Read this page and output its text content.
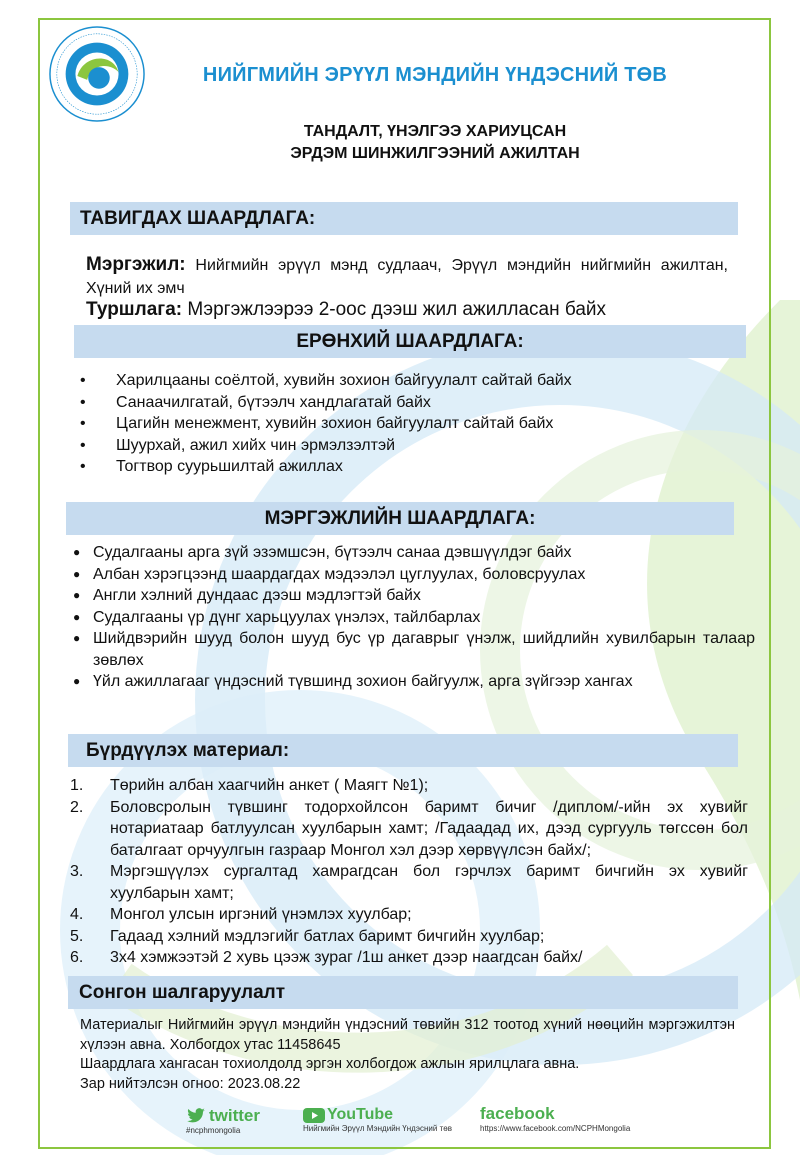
НИЙГМИЙН ЭРҮҮЛ МЭНДИЙН ҮНДЭСНИЙ ТӨВ
ТАНДАЛТ, ҮНЭЛГЭЭ ХАРИУЦСАН
ЭРДЭМ ШИНЖИЛГЭЭНИЙ АЖИЛТАН
ТАВИГДАХ ШААРДЛАГА:
Мэргэжил: Нийгмийн эрүүл мэнд судлаач, Эрүүл мэндийн нийгмийн ажилтан, Хүний их эмч
Туршлага: Мэргэжлээрээ 2-оос дээш жил ажилласан байх
ЕРӨНХИЙ ШААРДЛАГА:
• Харилцааны соёлтой, хувийн зохион байгуулалт сайтай байх
• Санаачилгатай, бүтээлч хандлагатай байх
• Цагийн менежмент, хувийн зохион байгуулалт сайтай байх
• Шуурхай, ажил хийх чин эрмэлзэлтэй
• Тогтвор суурьшилтай ажиллах
МЭРГЭЖЛИЙН ШААРДЛАГА:
● Судалгааны арга зүй эзэмшсэн, бүтээлч санаа дэвшүүлдэг байх
● Албан хэрэгцээнд шаардагдах мэдээлэл цуглуулах, боловсруулах
● Англи хэлний дундаас дээш мэдлэгтэй байх
● Судалгааны үр дүнг харьцуулах үнэлэх, тайлбарлах
● Шийдвэрийн шууд болон шууд бус үр дагаврыг үнэлж, шийдлийн хувилбарын талаар зөвлөх
● Үйл ажиллагааг үндэсний түвшинд зохион байгуулж, арга зүйгээр хангах
Бүрдүүлэх материал:
1. Төрийн албан хаагчийн анкет ( Маягт №1);
2. Боловсролын түвшинг тодорхойлсон баримт бичиг /диплом/-ийн эх хувийг нотариатаар батлуулсан хуулбарын хамт; /Гадаадад их, дээд сургууль төгссөн бол баталгаат орчуулгын газраар Монгол хэл дээр хөрвүүлсэн байх/;
3. Мэргэшүүлэх сургалтад хамрагдсан бол гэрчлэх баримт бичгийн эх хувийг хуулбарын хамт;
4. Монгол улсын иргэний үнэмлэх хуулбар;
5. Гадаад хэлний мэдлэгийг батлах баримт бичгийн хуулбар;
6. 3х4 хэмжээтэй 2 хувь цээж зураг /1ш анкет дээр наагдсан байх/
Сонгон шалгаруулалт
Материалыг Нийгмийн эрүүл мэндийн үндэсний төвийн 312 тоотод хүний нөөцийн мэргэжилтэн хүлээн авна. Холбогдох утас 11458645
Шаардлага хангасан тохиолдолд эргэн холбогдож ажлын ярилцлага авна.
Зар нийтэлсэн огноо: 2023.08.22
twitter
#ncphmongolia
YouTube
Нийгмийн Эрүүл Мэндийн Үндэсний төв
facebook
https://www.facebook.com/NCPHMongolia
